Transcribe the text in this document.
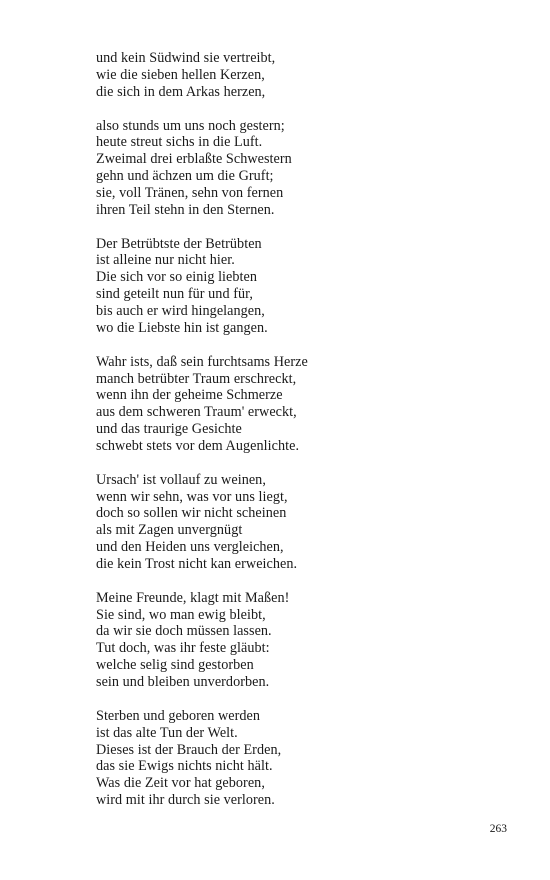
und kein Südwind sie vertreibt,
wie die sieben hellen Kerzen,
die sich in dem Arkas herzen,
also stunds um uns noch gestern;
heute streut sichs in die Luft.
Zweimal drei erblaßte Schwestern
gehn und ächzen um die Gruft;
sie, voll Tränen, sehn von fernen
ihren Teil stehn in den Sternen.
Der Betrübtste der Betrübten
ist alleine nur nicht hier.
Die sich vor so einig liebten
sind geteilt nun für und für,
bis auch er wird hingelangen,
wo die Liebste hin ist gangen.
Wahr ists, daß sein furchtsams Herze
manch betrübter Traum erschreckt,
wenn ihn der geheime Schmerze
aus dem schweren Traum' erweckt,
und das traurige Gesichte
schwebt stets vor dem Augenlichte.
Ursach' ist vollauf zu weinen,
wenn wir sehn, was vor uns liegt,
doch so sollen wir nicht scheinen
als mit Zagen unvergnügt
und den Heiden uns vergleichen,
die kein Trost nicht kan erweichen.
Meine Freunde, klagt mit Maßen!
Sie sind, wo man ewig bleibt,
da wir sie doch müssen lassen.
Tut doch, was ihr feste gläubt:
welche selig sind gestorben
sein und bleiben unverdorben.
Sterben und geboren werden
ist das alte Tun der Welt.
Dieses ist der Brauch der Erden,
das sie Ewigs nichts nicht hält.
Was die Zeit vor hat geboren,
wird mit ihr durch sie verloren.
263
